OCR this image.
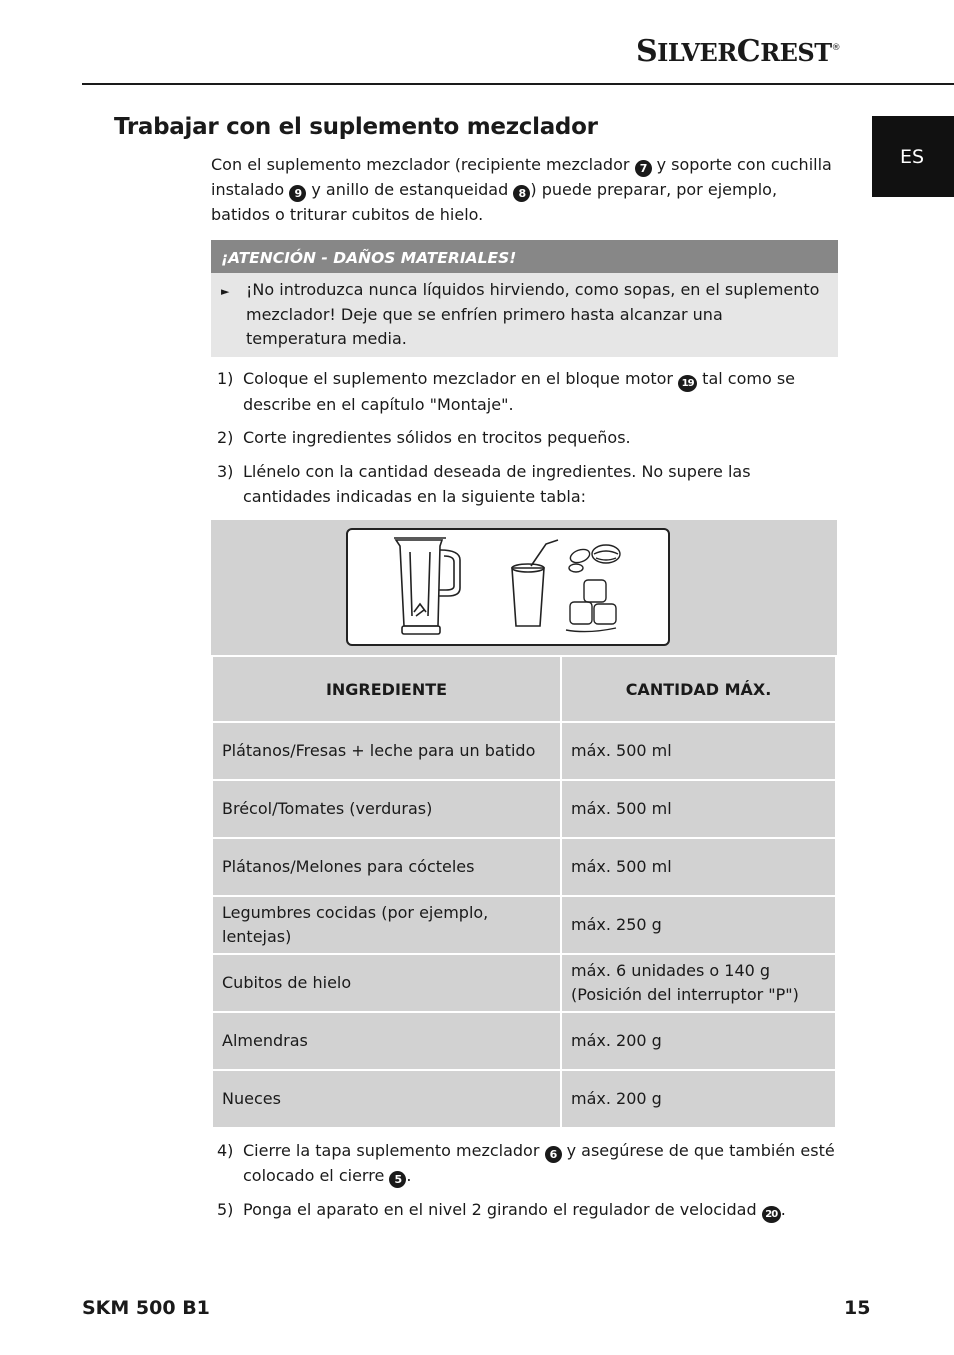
SILVERCREST®
ES
Trabajar con el suplemento mezclador

Con el suplemento mezclador (recipiente mezclador 7 y soporte con cuchilla instalado 9 y anillo de estanqueidad 8 ) puede preparar, por ejemplo, batidos o triturar cubitos de hielo.

¡ATENCIÓN - DAÑOS MATERIALES!
► ¡No introduzca nunca líquidos hirviendo, como sopas, en el suplemento mezclador! Deje que se enfríen primero hasta alcanzar una temperatura media.
1) Coloque el suplemento mezclador en el bloque motor 19 tal como se describe en el capítulo "Montaje".
2) Corte ingredientes sólidos en trocitos pequeños.
3) Llénelo con la cantidad deseada de ingredientes. No supere las cantidades indicadas en la siguiente tabla:
INGREDIENTE	CANTIDAD MÁX.
Plátanos/Fresas + leche para un batido	máx. 500 ml
Brécol/Tomates (verduras)	máx. 500 ml
Plátanos/Melones para cócteles	máx. 500 ml
Legumbres cocidas (por ejemplo, lentejas)	máx. 250 g
Cubitos de hielo	máx. 6 unidades o 140 g (Posición del interruptor "P")
Almendras	máx. 200 g
Nueces	máx. 200 g
4) Cierre la tapa suplemento mezclador 6 y asegúrese de que también esté colocado el cierre 5 .
5) Ponga el aparato en el nivel 2 girando el regulador de velocidad 20 .
SKM 500 B1	15
